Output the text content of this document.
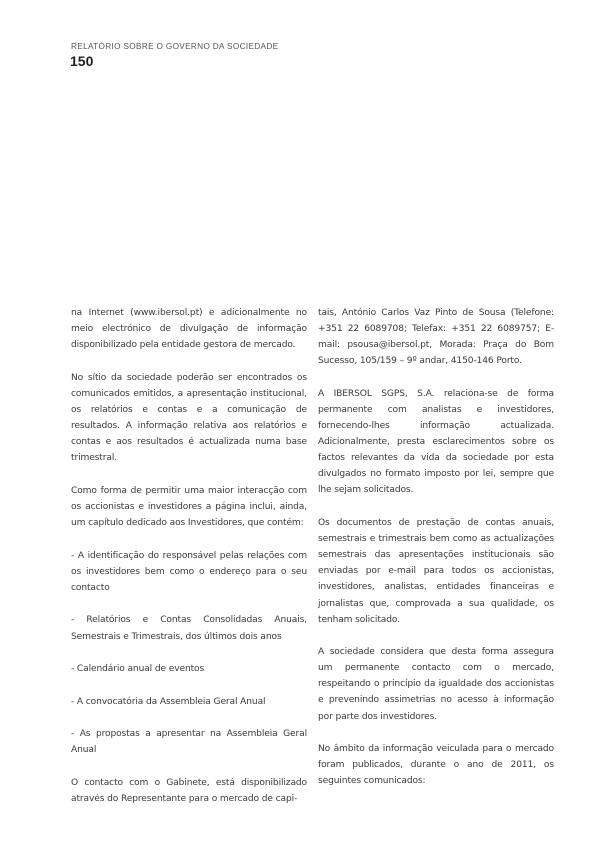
RELATÓRIO SOBRE O GOVERNO DA SOCIEDADE
150

na Internet (www.ibersol.pt) e adicionalmente no meio electrónico de divulgação de informação disponibilizado pela entidade gestora de mercado.

No sítio da sociedade poderão ser encontrados os comunicados emitidos, a apresentação institucional, os relatórios e contas e a comunicação de resultados. A informação relativa aos relatórios e contas e aos resultados é actualizada numa base trimestral.

Como forma de permitir uma maior interacção com os accionistas e investidores a página inclui, ainda, um capítulo dedicado aos Investidores, que contém:

- A identificação do responsável pelas relações com os investidores bem como o endereço para o seu contacto

- Relatórios e Contas Consolidadas Anuais, Semestrais e Trimestrais, dos últimos dois anos

- Calendário anual de eventos

- A convocatória da Assembleia Geral Anual

- As propostas a apresentar na Assembleia Geral Anual

O contacto com o Gabinete, está disponibilizado através do Representante para o mercado de capi-

tais, António Carlos Vaz Pinto de Sousa (Telefone: +351 22 6089708; Telefax: +351 22 6089757; E-mail: psousa@ibersol.pt, Morada: Praça do Bom Sucesso, 105/159 – 9º andar, 4150-146 Porto.

A IBERSOL SGPS, S.A. relaciona-se de forma permanente com analistas e investidores, fornecendo-lhes informação actualizada. Adicionalmente, presta esclarecimentos sobre os factos relevantes da vida da sociedade por esta divulgados no formato imposto por lei, sempre que lhe sejam solicitados.

Os documentos de prestação de contas anuais, semestrais e trimestrais bem como as actualizações semestrais das apresentações institucionais são enviadas por e-mail para todos os accionistas, investidores, analistas, entidades financeiras e jornalistas que, comprovada a sua qualidade, os tenham solicitado.

A sociedade considera que desta forma assegura um permanente contacto com o mercado, respeitando o princípio da igualdade dos accionistas e prevenindo assimetrias no acesso à informação por parte dos investidores.

No âmbito da informação veiculada para o mercado foram publicados, durante o ano de 2011, os seguintes comunicados:
